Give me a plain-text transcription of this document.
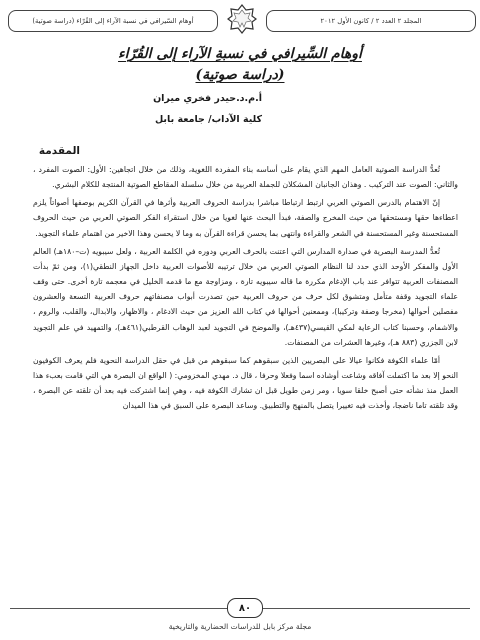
أوهام السّيرافي في نسبة الآراء إلى القُرّاء (دراسة صوتية)	المجلد ٢ العدد ٢ / كانون الأول ٢٠١٢
أوهام السِّيرافي في نسبةِ الآراء إلى القُرّاء
(دراسة صوتية)
أ.م.د.حيدر فخري ميران
كلية الآداب/ جامعة بابل
المقدمة

تُعدُّ الدراسة الصوتية العامل المهم الذي يقام على أساسه بناء المفردة اللغوية، وذلك من خلال اتجاهين: الأول: الصوت المفرد ، والثاني: الصوت عند التركيب . وهذان الجانبان المشكلان للجملة العربية من خلال سلسلة المقاطع الصوتية المنتجة للكلام البشري.

إنّ الاهتمام بالدرس الصوتي العربي ارتبط ارتباطا مباشرا بدراسة الحروف العربية وأثرها في القرآن الكريم بوصفها أصواتاً يلزم اعطاءها حقها ومستحقها من حيث المخرج والصفة، فبدأ البحث عنها لغويا من خلال استقراء الفكر الصوتي العربي من حيث الحروف المستحسنة وغير المستحسنة في الشعر والقراءة وانتهى بما يحسن قراءة القرآن به وما لا يحسن وهذا الاخير من اهتمام علماء التجويد.

تُعدُّ المدرسة البصرية في صدارة المدارس التي اعتنت بالحرف العربي ودوره في الكلمة العربية ، ولعل سيبويه (ت–١٨٠هـ) العالم الأول والمفكر الأوحد الذي حدد لنا النظام الصوتي العربي من خلال ترتيبه للأصوات العربية داخل الجهاز النطقي(١)، ومن ثمّ بدأت المصنفات العربية تتوافر عند باب الإدغام مكررة ما قاله سيبويه تارة ، ومزاوجة مع ما قدمه الخليل في معجمه تارة أخرى. حتى وقف علماء التجويد وقفة متأمل ومتشوق لكل حرف من حروف العربية حين تصدرت أبواب مصنفاتهم حروف العربية التسعة والعشرون مفصلين أحوالها (مخرجا وصفة وتركيبا)، وممعنين أحوالها في كتاب الله العزيز من حيث الادغام ، والاظهار، والابدال، والقلب، والروم ، والاشمام، وحسبنا كتاب الرعاية لمكي القيسي(٤٣٧هـ)، والموضح في التجويد لعبد الوهاب القرطبي(٤٦١هـ)، والتمهيد في علم التجويد لابن الجزري (٨٨٣ هـ)، وغيرها العشرات من المصنفات.

أمّا علماء الكوفة فكانوا عيالا على البصريين الذين سبقوهم كما سبقوهم من قبل في حقل الدراسة النحوية فلم يعرف الكوفيون النحو إلا بعد ما اكتملت آفاقه وشاعت أوشاده اسما وفعلا وحرفا ، قال د. مهدي المخزومي: ( الواقع ان البصرة هي التي قامت بعبء هذا العمل منذ نشأته حتى أصبح خلقا سويا ، ومر زمن طويل قبل ان تشارك الكوفة فيه ، وهي إنما اشتركت فيه بعد أن تلقته عن البصرة ، وقد تلقته تاما ناضجا، وأخذت فيه تغييرا يتصل بالمنهج والتطبيق. وساعد البصرة على السبق في هذا الميدان

٨٠
مجلة مركز بابل للدراسات الحضارية والتاريخية
